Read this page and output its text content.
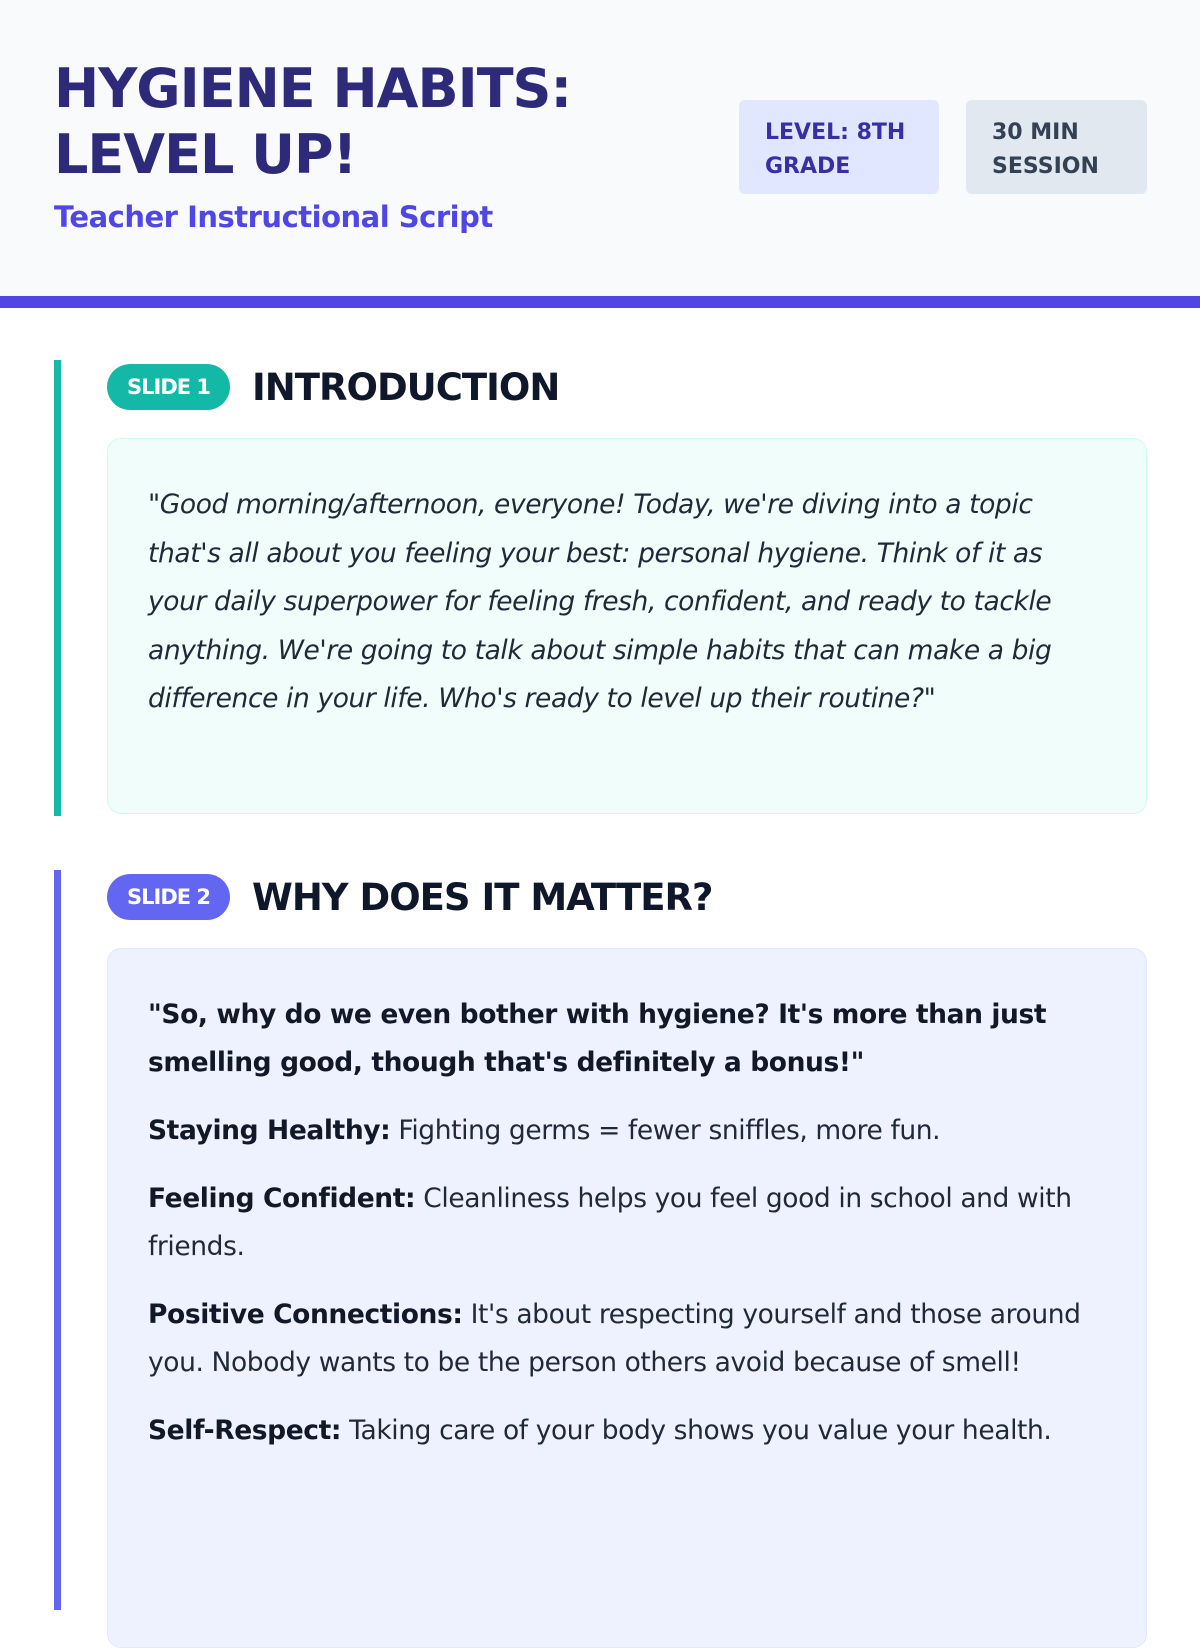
HYGIENE HABITS:
LEVEL UP!
Teacher Instructional Script
LEVEL: 8TH GRADE
30 MIN SESSION
SLIDE 1	INTRODUCTION

"Good morning/afternoon, everyone! Today, we're diving into a topic that's all about you feeling your best: personal hygiene. Think of it as your daily superpower for feeling fresh, confident, and ready to tackle anything. We're going to talk about simple habits that can make a big difference in your life. Who's ready to level up their routine?"

SLIDE 2	WHY DOES IT MATTER?

"So, why do we even bother with hygiene? It's more than just smelling good, though that's definitely a bonus!"

Staying Healthy: Fighting germs = fewer sniffles, more fun.

Feeling Confident: Cleanliness helps you feel good in school and with friends.

Positive Connections: It's about respecting yourself and those around you. Nobody wants to be the person others avoid because of smell!

Self-Respect: Taking care of your body shows you value your health.
